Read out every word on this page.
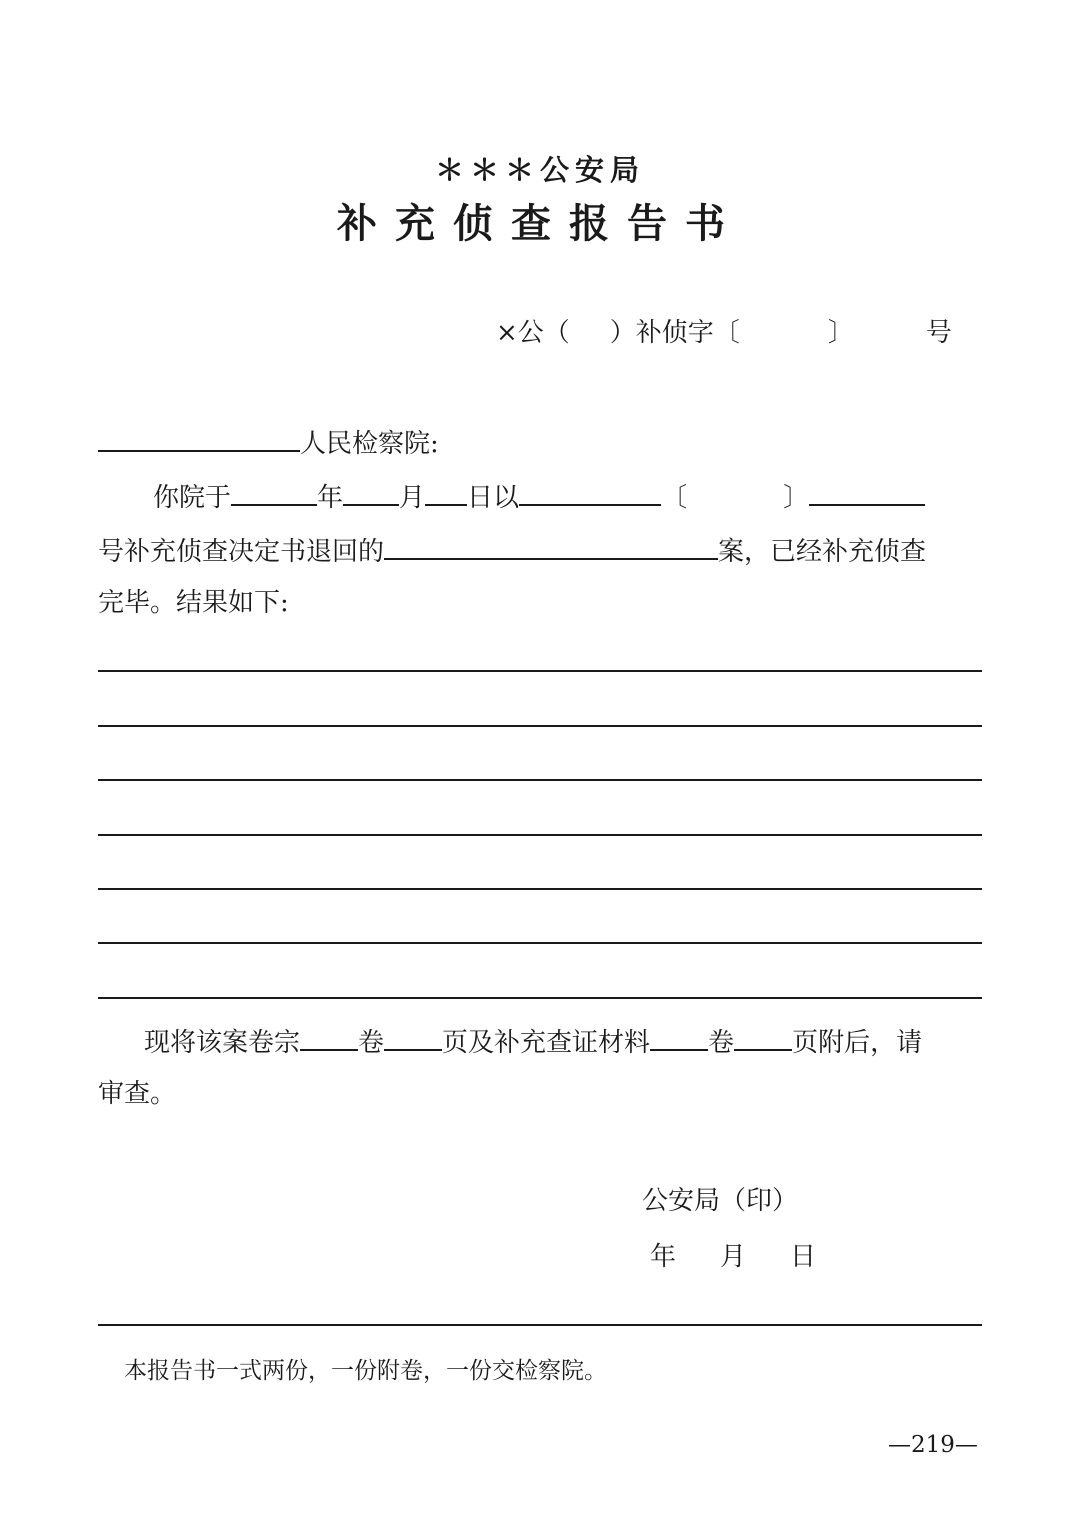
＊＊＊公安局
补充侦查报告书
×公（ ）补侦字〔	〕	号
人民检察院:
你院于	年 月 日以	〔	〕
号补充侦查决定书退回的	案，已经补充侦查
完毕。结果如下:
现将该案卷宗 卷 页及补充查证材料 卷 页附后，请
审查。
公安局（印）
年 月 日
本报告书一式两份，一份附卷，一份交检察院。
—219—
